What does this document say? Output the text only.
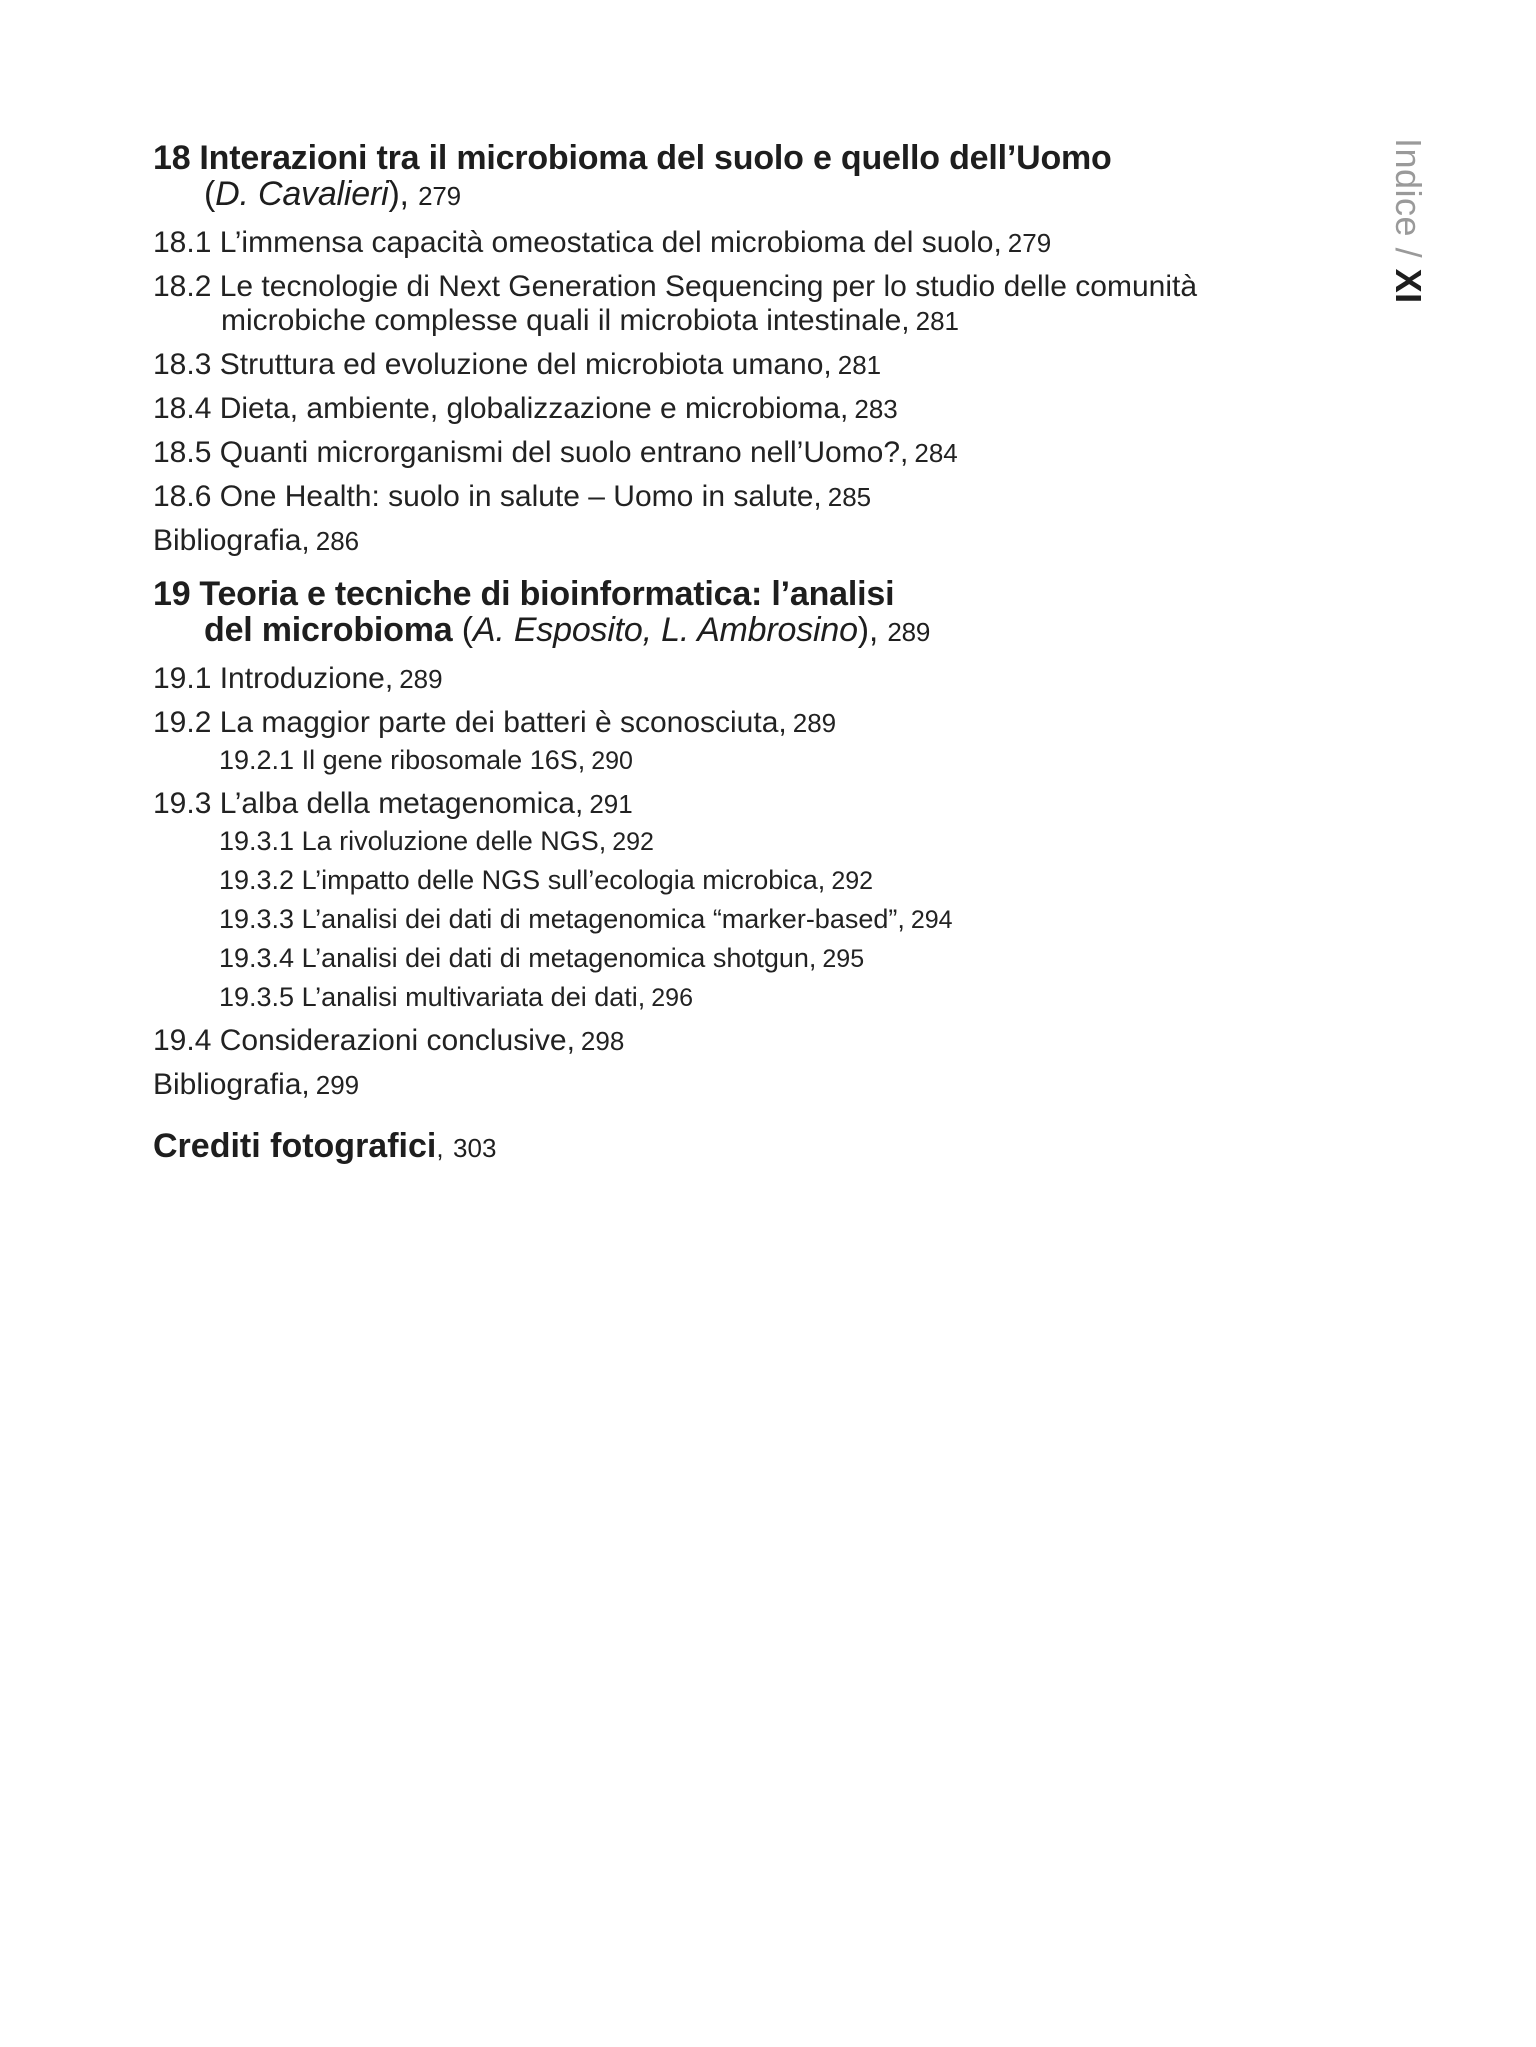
Indice / XI
18 Interazioni tra il microbioma del suolo e quello dell’Uomo
(D. Cavalieri), 279
18.1 L’immensa capacità omeostatica del microbioma del suolo, 279
18.2 Le tecnologie di Next Generation Sequencing per lo studio delle comunità
microbiche complesse quali il microbiota intestinale, 281
18.3 Struttura ed evoluzione del microbiota umano, 281
18.4 Dieta, ambiente, globalizzazione e microbioma, 283
18.5 Quanti microrganismi del suolo entrano nell’Uomo?, 284
18.6 One Health: suolo in salute – Uomo in salute, 285
Bibliografia, 286
19 Teoria e tecniche di bioinformatica: l’analisi
del microbioma (A. Esposito, L. Ambrosino), 289
19.1 Introduzione, 289
19.2 La maggior parte dei batteri è sconosciuta, 289
19.2.1 Il gene ribosomale 16S, 290
19.3 L’alba della metagenomica, 291
19.3.1 La rivoluzione delle NGS, 292
19.3.2 L’impatto delle NGS sull’ecologia microbica, 292
19.3.3 L’analisi dei dati di metagenomica “marker-based”, 294
19.3.4 L’analisi dei dati di metagenomica shotgun, 295
19.3.5 L’analisi multivariata dei dati, 296
19.4 Considerazioni conclusive, 298
Bibliografia, 299
Crediti fotografici, 303
